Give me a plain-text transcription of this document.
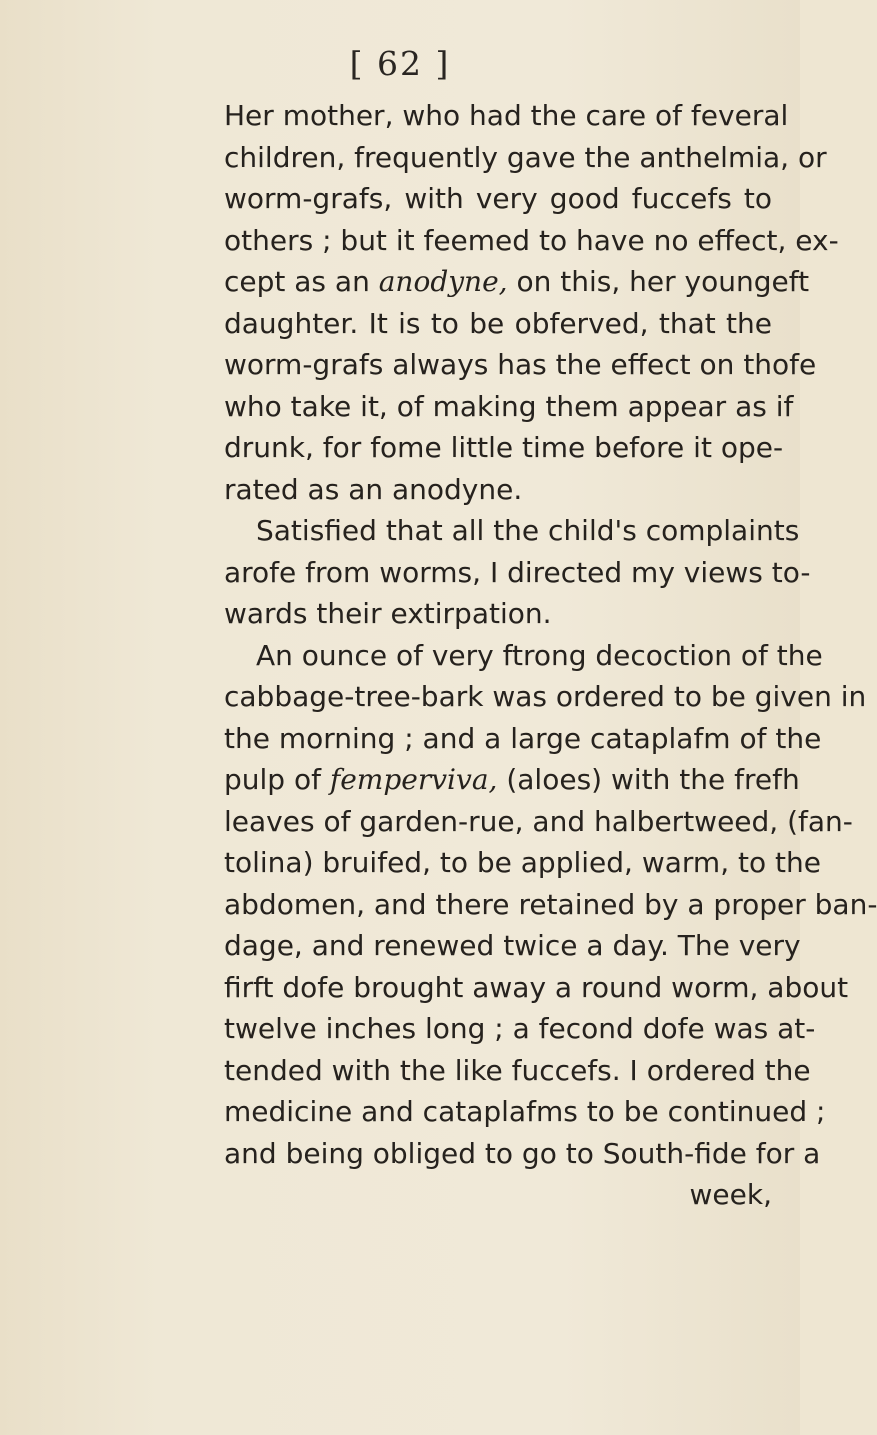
[ 62 ]
Her mother, who had the care of feveral
children, frequently gave the anthelmia, or
worm-grafs, with very good fuccefs to
others ; but it feemed to have no effect, ex-
cept as an anodyne, on this, her youngeft
daughter. It is to be obferved, that the
worm-grafs always has the effect on thofe
who take it, of making them appear as if
drunk, for fome little time before it ope-
rated as an anodyne.
Satisfied that all the child's complaints
arofe from worms, I directed my views to-
wards their extirpation.
An ounce of very ftrong decoction of the
cabbage-tree-bark was ordered to be given in
the morning ; and a large cataplafm of the
pulp of femperviva, (aloes) with the frefh
leaves of garden-rue, and halbertweed, (fan-
tolina) bruifed, to be applied, warm, to the
abdomen, and there retained by a proper ban-
dage, and renewed twice a day. The very
firft dofe brought away a round worm, about
twelve inches long ; a fecond dofe was at-
tended with the like fuccefs. I ordered the
medicine and cataplafms to be continued ;
and being obliged to go to South-fide for a
week,
